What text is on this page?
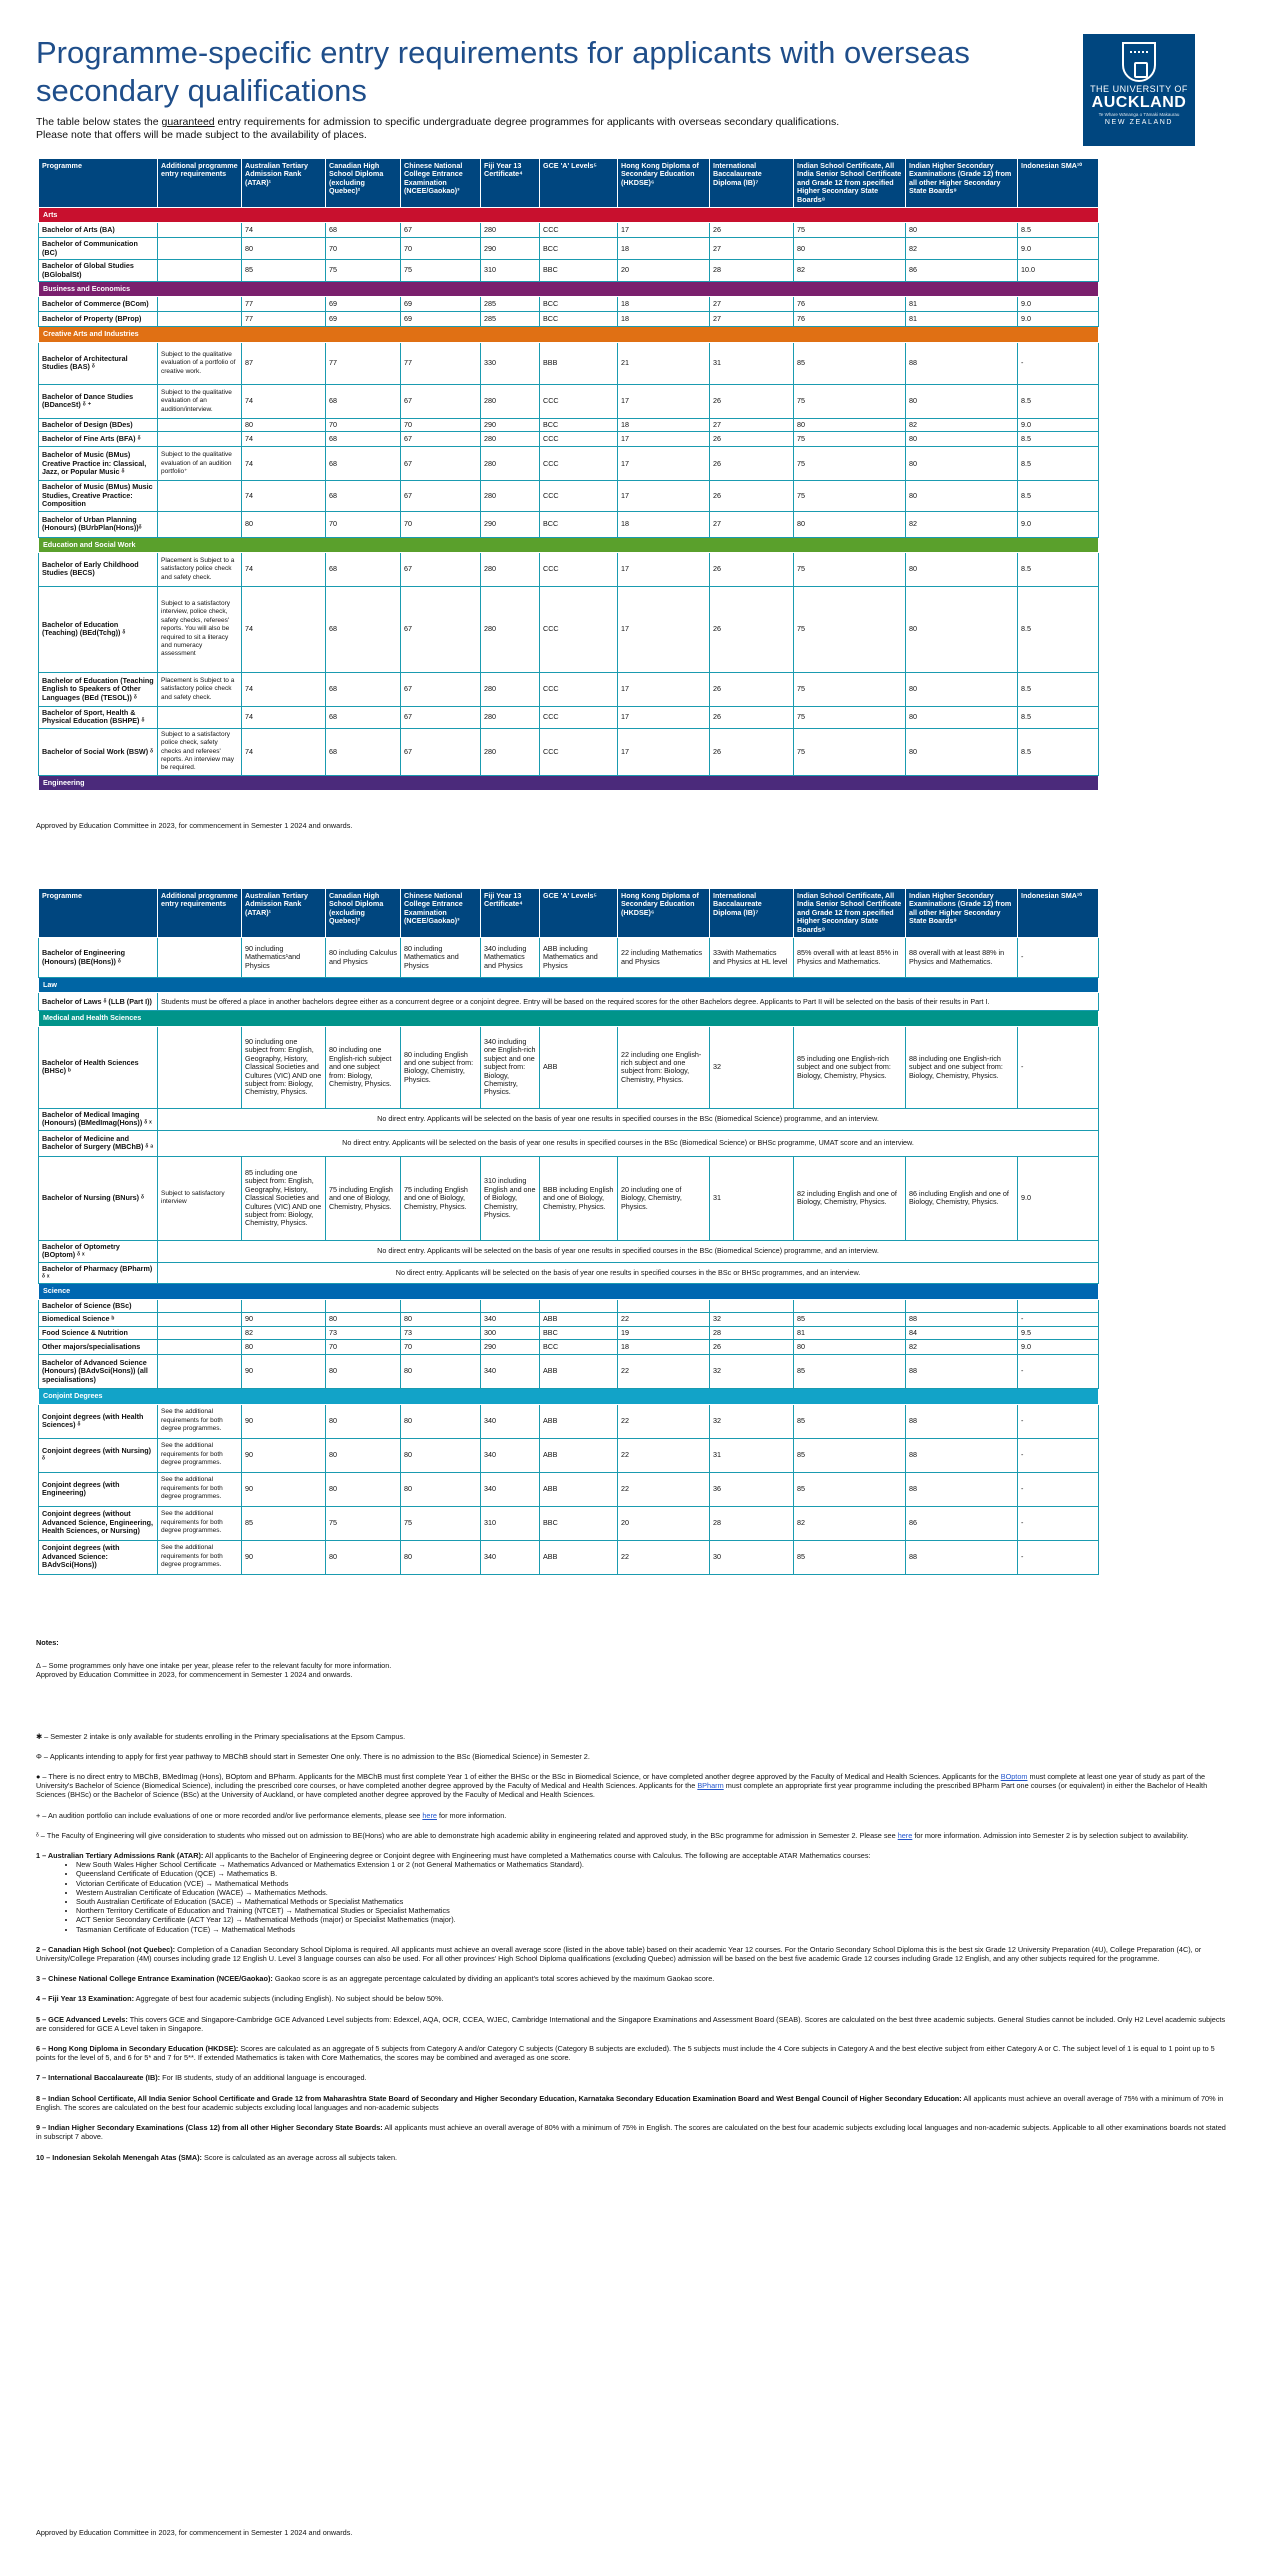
Programme-specific entry requirements for applicants with overseas secondary qualifications

The table below states the guaranteed entry requirements for admission to specific undergraduate degree programmes for applicants with overseas secondary qualifications.
Please note that offers will be made subject to the availability of places.

THE UNIVERSITY OF
AUCKLAND
Te Whare Wānanga o Tāmaki Makaurau
NEW ZEALAND
Programme	Additional programme entry requirements	Australian Tertiary Admission Rank (ATAR)¹	Canadian High School Diploma (excluding Quebec)²	Chinese National College Entrance Examination (NCEE/Gaokao)³	Fiji Year 13 Certificate⁴	GCE 'A' Levels⁵	Hong Kong Diploma of Secondary Education (HKDSE)⁶	International Baccalaureate Diploma (IB)⁷	Indian School Certificate, All India Senior School Certificate and Grade 12 from specified Higher Secondary State Boards⁸	Indian Higher Secondary Examinations (Grade 12) from all other Higher Secondary State Boards⁹	Indonesian SMA¹⁰
Arts											
Bachelor of Arts (BA)		74	68	67	280	CCC	17	26	75	80	8.5
Bachelor of Communication (BC)		80	70	70	290	BCC	18	27	80	82	9.0
Bachelor of Global Studies (BGlobalSt)		85	75	75	310	BBC	20	28	82	86	10.0
Business and Economics											
Bachelor of Commerce (BCom)		77	69	69	285	BCC	18	27	76	81	9.0
Bachelor of Property (BProp)		77	69	69	285	BCC	18	27	76	81	9.0
Creative Arts and Industries											
Bachelor of Architectural Studies (BAS) ᵟ	Subject to the qualitative evaluation of a portfolio of creative work.	87	77	77	330	BBB	21	31	85	88	-
Bachelor of Dance Studies (BDanceSt) ᵟ ⁺	Subject to the qualitative evaluation of an audition/interview.	74	68	67	280	CCC	17	26	75	80	8.5
Bachelor of Design (BDes)		80	70	70	290	BCC	18	27	80	82	9.0
Bachelor of Fine Arts (BFA) ᵟ		74	68	67	280	CCC	17	26	75	80	8.5
Bachelor of Music (BMus) Creative Practice in: Classical, Jazz, or Popular Music ᵟ	Subject to the qualitative evaluation of an audition portfolio⁺	74	68	67	280	CCC	17	26	75	80	8.5
Bachelor of Music (BMus) Music Studies, Creative Practice: Composition		74	68	67	280	CCC	17	26	75	80	8.5
Bachelor of Urban Planning (Honours) (BUrbPlan(Hons))ᵟ		80	70	70	290	BCC	18	27	80	82	9.0
Education and Social Work											
Bachelor of Early Childhood Studies (BECS)	Placement is Subject to a satisfactory police check and safety check.	74	68	67	280	CCC	17	26	75	80	8.5
Bachelor of Education (Teaching) (BEd(Tchg)) ᵟ	Subject to a satisfactory interview, police check, safety checks, referees' reports. You will also be required to sit a literacy and numeracy assessment	74	68	67	280	CCC	17	26	75	80	8.5
Bachelor of Education (Teaching English to Speakers of Other Languages (BEd (TESOL)) ᵟ	Placement is Subject to a satisfactory police check and safety check.	74	68	67	280	CCC	17	26	75	80	8.5
Bachelor of Sport, Health & Physical Education (BSHPE) ᵟ		74	68	67	280	CCC	17	26	75	80	8.5
Bachelor of Social Work (BSW) ᵟ	Subject to a satisfactory police check, safety checks and referees' reports. An interview may be required.	74	68	67	280	CCC	17	26	75	80	8.5
Engineering											
Approved by Education Committee in 2023, for commencement in Semester 1 2024 and onwards.
Programme	Additional programme entry requirements	Australian Tertiary Admission Rank (ATAR)¹	Canadian High School Diploma (excluding Quebec)²	Chinese National College Entrance Examination (NCEE/Gaokao)³	Fiji Year 13 Certificate⁴	GCE 'A' Levels⁵	Hong Kong Diploma of Secondary Education (HKDSE)⁶	International Baccalaureate Diploma (IB)⁷	Indian School Certificate, All India Senior School Certificate and Grade 12 from specified Higher Secondary State Boards⁸	Indian Higher Secondary Examinations (Grade 12) from all other Higher Secondary State Boards⁹	Indonesian SMA¹⁰
Bachelor of Engineering (Honours) (BE(Hons)) ᵟ		90 including Mathematics¹and Physics	80 including Calculus and Physics	80 including Mathematics and Physics	340 including Mathematics and Physics	ABB including Mathematics and Physics	22 including Mathematics and Physics	33with Mathematics and Physics at HL level	85% overall with at least 85% in Physics and Mathematics.	88 overall with at least 88% in Physics and Mathematics.	-
Law											
Bachelor of Laws ᵟ (LLB (Part I))	Students must be offered a place in another bachelors degree either as a concurrent degree or a conjoint degree. Entry will be based on the required scores for the other Bachelors degree. Applicants to Part II will be selected on the basis of their results in Part I.										
Medical and Health Sciences											
Bachelor of Health Sciences (BHSc) ᵇ		90 including one subject from: English, Geography, History, Classical Societies and Cultures (VIC) AND one subject from: Biology, Chemistry, Physics.	80 including one English-rich subject and one subject from: Biology, Chemistry, Physics.	80 including English and one subject from: Biology, Chemistry, Physics.	340 including one English-rich subject and one subject from: Biology, Chemistry, Physics.	ABB	22 including one English-rich subject and one subject from: Biology, Chemistry, Physics.	32	85 including one English-rich subject and one subject from: Biology, Chemistry, Physics.	88 including one English-rich subject and one subject from: Biology, Chemistry, Physics.	-
Bachelor of Medical Imaging (Honours) (BMedImag(Hons)) ᵟ ˣ	No direct entry. Applicants will be selected on the basis of year one results in specified courses in the BSc (Biomedical Science) programme, and an interview.										
Bachelor of Medicine and Bachelor of Surgery (MBChB) ᵟ ᵃ	No direct entry. Applicants will be selected on the basis of year one results in specified courses in the BSc (Biomedical Science) or BHSc programme, UMAT score and an interview.										
Bachelor of Nursing (BNurs) ᵟ	Subject to satisfactory interview	85 including one subject from: English, Geography, History, Classical Societies and Cultures (VIC) AND one subject from: Biology, Chemistry, Physics.	75 including English and one of Biology, Chemistry, Physics.	75 including English and one of Biology, Chemistry, Physics.	310 including English and one of Biology, Chemistry, Physics.	BBB including English and one of Biology, Chemistry, Physics.	20 including one of Biology, Chemistry, Physics.	31	82 including English and one of Biology, Chemistry, Physics.	86 including English and one of Biology, Chemistry, Physics.	9.0
Bachelor of Optometry (BOptom) ᵟ ˣ	No direct entry. Applicants will be selected on the basis of year one results in specified courses in the BSc (Biomedical Science) programme, and an interview.										
Bachelor of Pharmacy (BPharm) ᵟ ˣ	No direct entry. Applicants will be selected on the basis of year one results in specified courses in the BSc or BHSc programmes, and an interview.										
Science											
Bachelor of Science (BSc)											
Biomedical Science ᵇ		90	80	80	340	ABB	22	32	85	88	-
Food Science & Nutrition		82	73	73	300	BBC	19	28	81	84	9.5
Other majors/specialisations		80	70	70	290	BCC	18	26	80	82	9.0
Bachelor of Advanced Science (Honours) (BAdvSci(Hons)) (all specialisations)		90	80	80	340	ABB	22	32	85	88	-
Conjoint Degrees											
Conjoint degrees (with Health Sciences) ᵟ	See the additional requirements for both degree programmes.	90	80	80	340	ABB	22	32	85	88	-
Conjoint degrees (with Nursing) ᵟ	See the additional requirements for both degree programmes.	90	80	80	340	ABB	22	31	85	88	-
Conjoint degrees (with Engineering)	See the additional requirements for both degree programmes.	90	80	80	340	ABB	22	36	85	88	-
Conjoint degrees (without Advanced Science, Engineering, Health Sciences, or Nursing)	See the additional requirements for both degree programmes.	85	75	75	310	BBC	20	28	82	86	-
Conjoint degrees (with Advanced Science: BAdvSci(Hons))	See the additional requirements for both degree programmes.	90	80	80	340	ABB	22	30	85	88	-

Notes:

Δ – Some programmes only have one intake per year, please refer to the relevant faculty for more information.

Approved by Education Committee in 2023, for commencement in Semester 1 2024 and onwards.

✱ – Semester 2 intake is only available for students enrolling in the Primary specialisations at the Epsom Campus.

Φ – Applicants intending to apply for first year pathway to MBChB should start in Semester One only. There is no admission to the BSc (Biomedical Science) in Semester 2.

● – There is no direct entry to MBChB, BMedImag (Hons), BOptom and BPharm. Applicants for the MBChB must first complete Year 1 of either the BHSc or the BSc in Biomedical Science, or have completed another degree approved by the Faculty of Medical and Health Sciences. Applicants for the BOptom must complete at least one year of study as part of the University's Bachelor of Science (Biomedical Science), including the prescribed core courses, or have completed another degree approved by the Faculty of Medical and Health Sciences. Applicants for the BPharm must complete an appropriate first year programme including the prescribed BPharm Part one courses (or equivalent) in either the Bachelor of Health Sciences (BHSc) or the Bachelor of Science (BSc) at the University of Auckland, or have completed another degree approved by the Faculty of Medical and Health Sciences.

+ – An audition portfolio can include evaluations of one or more recorded and/or live performance elements, please see here for more information.

ᵟ – The Faculty of Engineering will give consideration to students who missed out on admission to BE(Hons) who are able to demonstrate high academic ability in engineering related and approved study, in the BSc programme for admission in Semester 2. Please see here for more information. Admission into Semester 2 is by selection subject to availability.

1 – Australian Tertiary Admissions Rank (ATAR): All applicants to the Bachelor of Engineering degree or Conjoint degree with Engineering must have completed a Mathematics course with Calculus. The following are acceptable ATAR Mathematics courses:

• New South Wales Higher School Certificate → Mathematics Advanced or Mathematics Extension 1 or 2 (not General Mathematics or Mathematics Standard).
• Queensland Certificate of Education (QCE) → Mathematics B.
• Victorian Certificate of Education (VCE) → Mathematical Methods
• Western Australian Certificate of Education (WACE) → Mathematics Methods.
• South Australian Certificate of Education (SACE) → Mathematical Methods or Specialist Mathematics
• Northern Territory Certificate of Education and Training (NTCET) → Mathematical Studies or Specialist Mathematics
• ACT Senior Secondary Certificate (ACT Year 12) → Mathematical Methods (major) or Specialist Mathematics (major).
• Tasmanian Certificate of Education (TCE) → Mathematical Methods

2 – Canadian High School (not Quebec): Completion of a Canadian Secondary School Diploma is required. All applicants must achieve an overall average score (listed in the above table) based on their academic Year 12 courses. For the Ontario Secondary School Diploma this is the best six Grade 12 University Preparation (4U), College Preparation (4C), or University/College Preparation (4M) courses including grade 12 English U. Level 3 language courses can also be used. For all other provinces' High School Diploma qualifications (excluding Quebec) admission will be based on the best five academic Grade 12 courses including Grade 12 English, and any other subjects required for the programme.

3 – Chinese National College Entrance Examination (NCEE/Gaokao): Gaokao score is as an aggregate percentage calculated by dividing an applicant's total scores achieved by the maximum Gaokao score.

4 – Fiji Year 13 Examination: Aggregate of best four academic subjects (including English). No subject should be below 50%.

5 – GCE Advanced Levels: This covers GCE and Singapore-Cambridge GCE Advanced Level subjects from: Edexcel, AQA, OCR, CCEA, WJEC, Cambridge International and the Singapore Examinations and Assessment Board (SEAB). Scores are calculated on the best three academic subjects. General Studies cannot be included. Only H2 Level academic subjects are considered for GCE A Level taken in Singapore.

6 – Hong Kong Diploma in Secondary Education (HKDSE): Scores are calculated as an aggregate of 5 subjects from Category A and/or Category C subjects (Category B subjects are excluded). The 5 subjects must include the 4 Core subjects in Category A and the best elective subject from either Category A or C. The subject level of 1 is equal to 1 point up to 5 points for the level of 5, and 6 for 5* and 7 for 5**. If extended Mathematics is taken with Core Mathematics, the scores may be combined and averaged as one score.

7 – International Baccalaureate (IB): For IB students, study of an additional language is encouraged.

8 – Indian School Certificate, All India Senior School Certificate and Grade 12 from Maharashtra State Board of Secondary and Higher Secondary Education, Karnataka Secondary Education Examination Board and West Bengal Council of Higher Secondary Education: All applicants must achieve an overall average of 75% with a minimum of 70% in English. The scores are calculated on the best four academic subjects excluding local languages and non-academic subjects

9 – Indian Higher Secondary Examinations (Class 12) from all other Higher Secondary State Boards: All applicants must achieve an overall average of 80% with a minimum of 75% in English. The scores are calculated on the best four academic subjects excluding local languages and non-academic subjects. Applicable to all other examinations boards not stated in subscript 7 above.

10 – Indonesian Sekolah Menengah Atas (SMA): Score is calculated as an average across all subjects taken.

Approved by Education Committee in 2023, for commencement in Semester 1 2024 and onwards.
